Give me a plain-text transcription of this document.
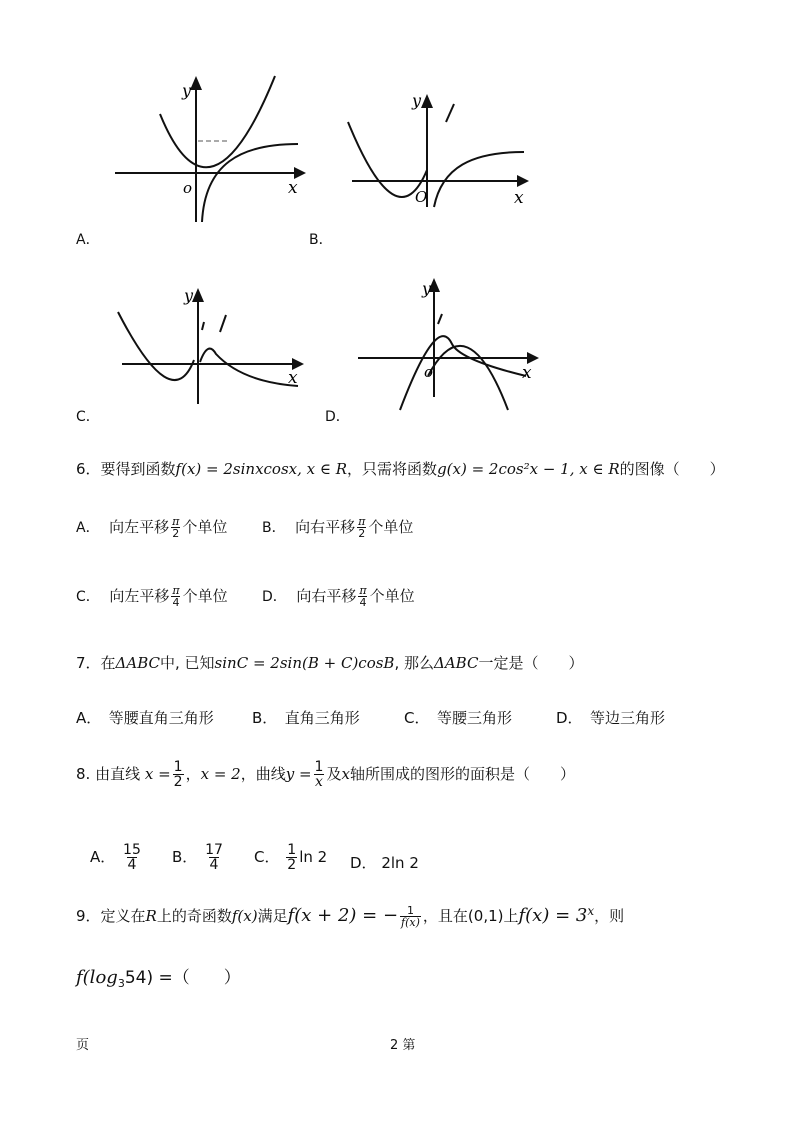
y
x
o
A．
y
x
O
B．
y
x
C．
y
x
o
D．
6．要得到函数f(x) = 2sinxcosx, x ∈ R，只需将函数g(x) = 2cos²x − 1, x ∈ R的图像（　　）
A． 向左平移 $\frac{\pi}{2}$ 个单位 B． 向右平移 $\frac{\pi}{2}$ 个单位
C． 向左平移 $\frac{\pi}{4}$ 个单位 D． 向右平移 $\frac{\pi}{4}$ 个单位
7．在ΔABC中, 已知sinC = 2sin(B + C)cosB, 那么ΔABC一定是（　　）
A．　等腰直角三角形	B．　直角三角形	C．　等腰三角形	D．　等边三角形
8. 由直线 $x = \frac{1}{2}$ ，x = 2，曲线$y = \frac{1}{x}$ 及x轴所围成的图形的面积是（　　）
A． $\frac{15}{4}$ B． $\frac{17}{4}$ C． $\frac{1}{2}$ ln 2 D． 2ln 2
9．定义在R上的奇函数f(x)满足f(x + 2) = − $\frac{1}{f(x)}$ ，且在(0,1)上$f(x) = 3^x$，则
$f(\log_354)$ =（　　）
页	2 第
